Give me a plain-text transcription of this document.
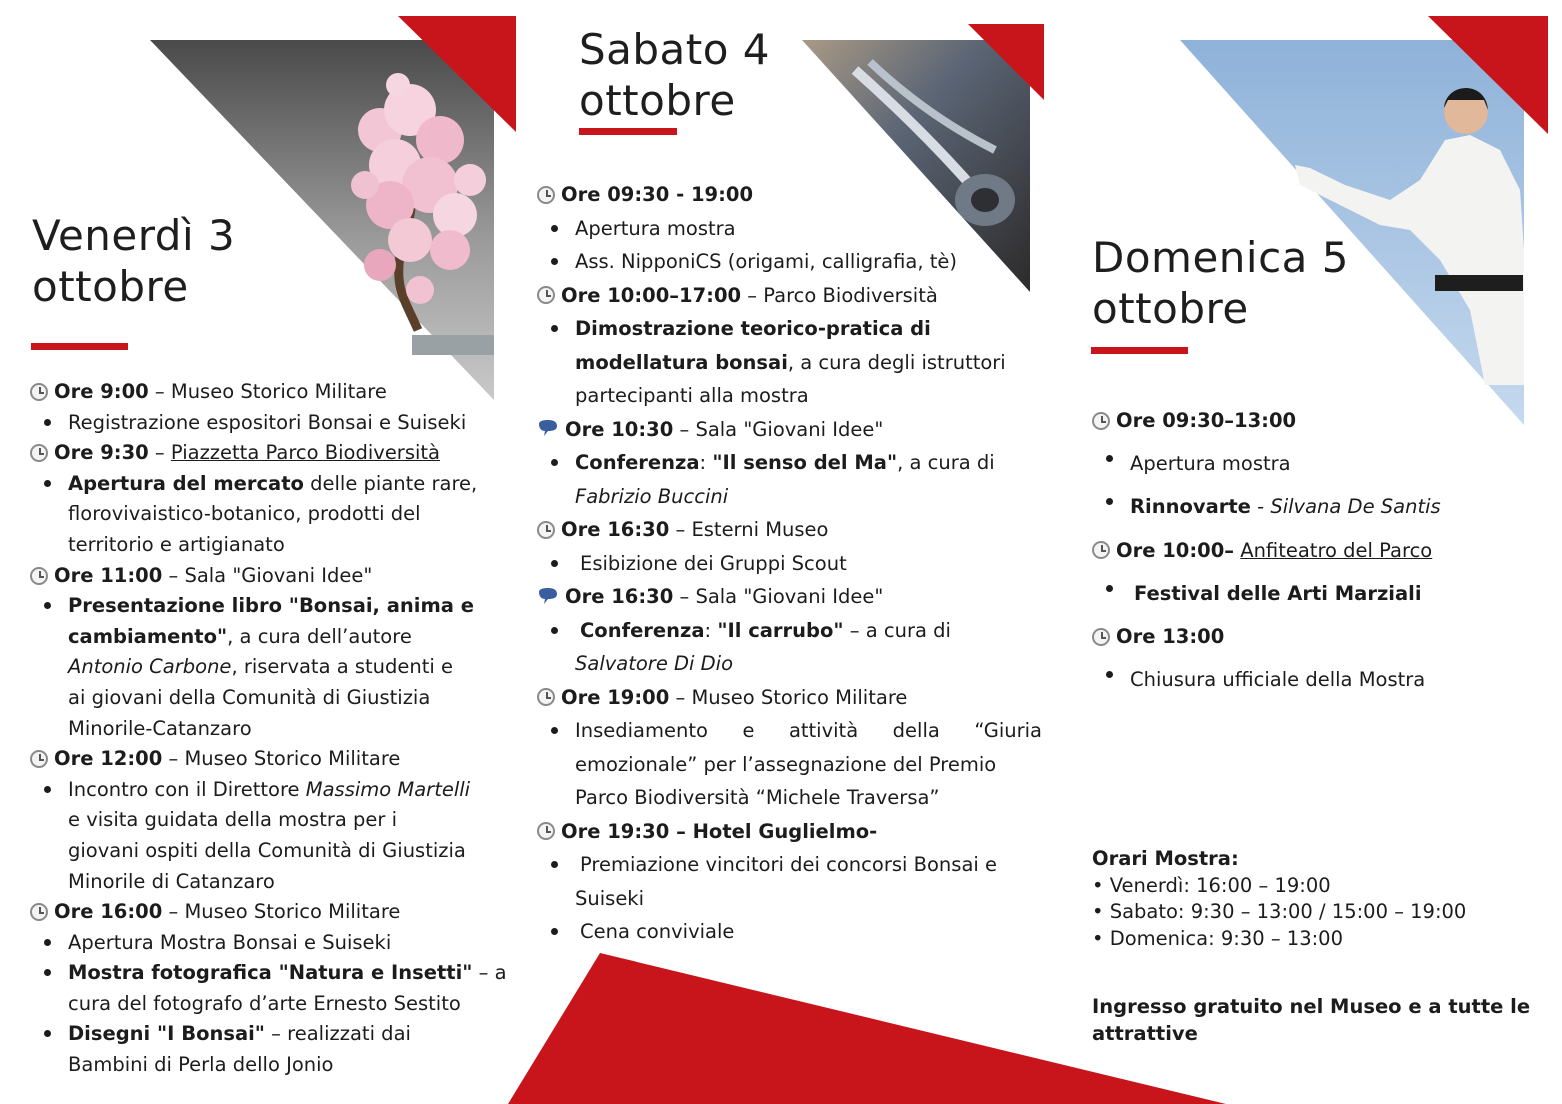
Venerdì 3
ottobre
Ore 9:00 – Museo Storico Militare
Registrazione espositori Bonsai e Suiseki
Ore 9:30 – Piazzetta Parco Biodiversità
Apertura del mercato delle piante rare,
florovivaistico-botanico, prodotti del
territorio e artigianato
Ore 11:00 – Sala "Giovani Idee"
Presentazione libro "Bonsai, anima e
cambiamento", a cura dell’autore
Antonio Carbone, riservata a studenti e
ai giovani della Comunità di Giustizia
Minorile-Catanzaro
Ore 12:00 – Museo Storico Militare
Incontro con il Direttore Massimo Martelli
e visita guidata della mostra per i
giovani ospiti della Comunità di Giustizia
Minorile di Catanzaro
Ore 16:00 – Museo Storico Militare
Apertura Mostra Bonsai e Suiseki
Mostra fotografica "Natura e Insetti" – a
cura del fotografo d’arte Ernesto Sestito
Disegni "I Bonsai" – realizzati dai
Bambini di Perla dello Jonio
Sabato 4
ottobre
Ore 09:30 - 19:00
Apertura mostra
Ass. NipponiCS (origami, calligrafia, tè)
Ore 10:00–17:00 – Parco Biodiversità
Dimostrazione teorico-pratica di
modellatura bonsai, a cura degli istruttori
partecipanti alla mostra
Ore 10:30 – Sala "Giovani Idee"
Conferenza: "Il senso del Ma", a cura di
Fabrizio Buccini
Ore 16:30 – Esterni Museo
Esibizione dei Gruppi Scout
Ore 16:30 – Sala "Giovani Idee"
Conferenza: "Il carrubo" – a cura di
Salvatore Di Dio
Ore 19:00 – Museo Storico Militare
Insediamento e attività della “Giuria
emozionale” per l’assegnazione del Premio
Parco Biodiversità “Michele Traversa”
Ore 19:30 – Hotel Guglielmo-
Premiazione vincitori dei concorsi Bonsai e
Suiseki
Cena conviviale
Domenica 5
ottobre
Ore 09:30–13:00
Apertura mostra
Rinnovarte - Silvana De Santis
Ore 10:00–
Anfiteatro del Parco
Festival delle Arti Marziali
Ore 13:00
Chiusura ufficiale della Mostra
Orari Mostra:
• Venerdì: 16:00 – 19:00
• Sabato: 9:30 – 13:00 / 15:00 – 19:00
• Domenica: 9:30 – 13:00
Ingresso gratuito nel Museo e a tutte le
attrattive
